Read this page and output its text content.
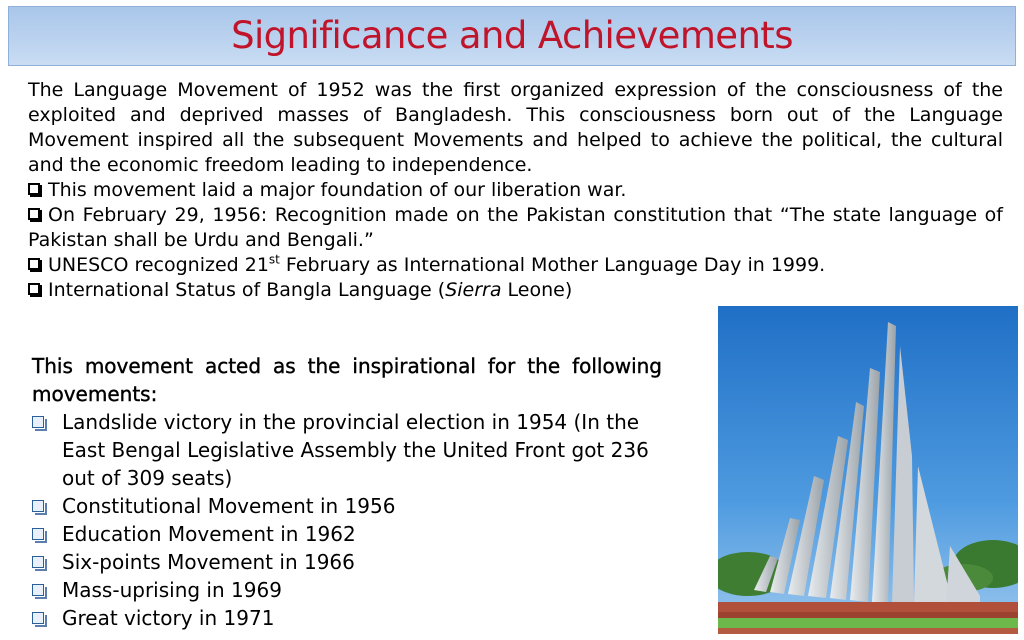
Significance and Achievements

The Language Movement of 1952 was the first organized expression of the consciousness of the exploited and deprived masses of Bangladesh. This consciousness born out of the Language Movement inspired all the subsequent Movements and helped to achieve the political, the cultural and the economic freedom leading to independence.

This movement laid a major foundation of our liberation war.

On February 29, 1956: Recognition made on the Pakistan constitution that “The state language of Pakistan shall be Urdu and Bengali.”

UNESCO recognized 21st February as International Mother Language Day in 1999.

International Status of Bangla Language (Sierra Leone)

This movement acted as the inspirational for the following movements:

Landslide victory in the provincial election in 1954 (In the East Bengal Legislative Assembly the United Front got 236 out of 309 seats)
Constitutional Movement in 1956
Education Movement in 1962
Six-points Movement in 1966
Mass-uprising in 1969
Great victory in 1971
